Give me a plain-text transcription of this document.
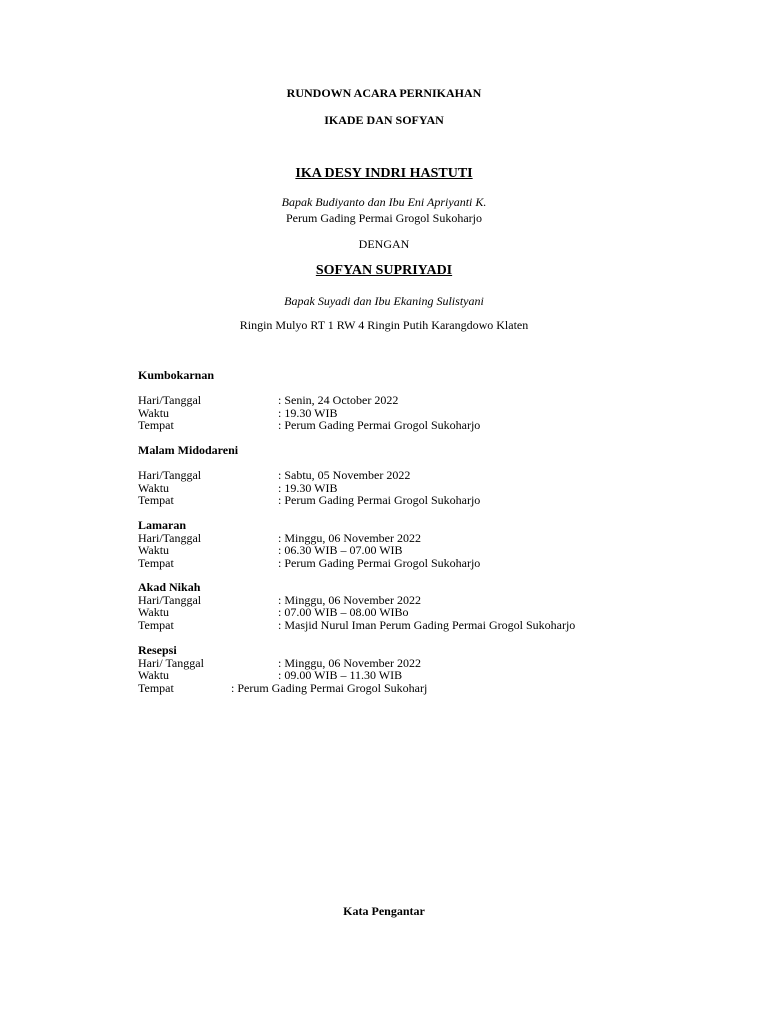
RUNDOWN ACARA PERNIKAHAN
IKADE DAN SOFYAN
IKA DESY INDRI HASTUTI
Bapak Budiyanto dan Ibu Eni Apriyanti K.
Perum Gading Permai Grogol Sukoharjo
DENGAN
SOFYAN SUPRIYADI
Bapak Suyadi dan Ibu Ekaning Sulistyani
Ringin Mulyo RT 1 RW 4 Ringin Putih Karangdowo Klaten
Kumbokarnan
Hari/Tanggal	: Senin, 24 October 2022
Waktu	: 19.30 WIB
Tempat	: Perum Gading Permai Grogol Sukoharjo
Malam Midodareni
Hari/Tanggal	: Sabtu, 05 November 2022
Waktu	: 19.30 WIB
Tempat	: Perum Gading Permai Grogol Sukoharjo
Lamaran
Hari/Tanggal	: Minggu, 06 November 2022
Waktu	: 06.30 WIB – 07.00 WIB
Tempat	: Perum Gading Permai Grogol Sukoharjo
Akad Nikah
Hari/Tanggal	: Minggu, 06 November 2022
Waktu	: 07.00 WIB – 08.00 WIBo
Tempat	: Masjid Nurul Iman Perum Gading Permai Grogol Sukoharjo
Resepsi
Hari/ Tanggal	: Minggu, 06 November 2022
Waktu	: 09.00 WIB – 11.30 WIB
Tempat	: Perum Gading Permai Grogol Sukoharj
Kata Pengantar
